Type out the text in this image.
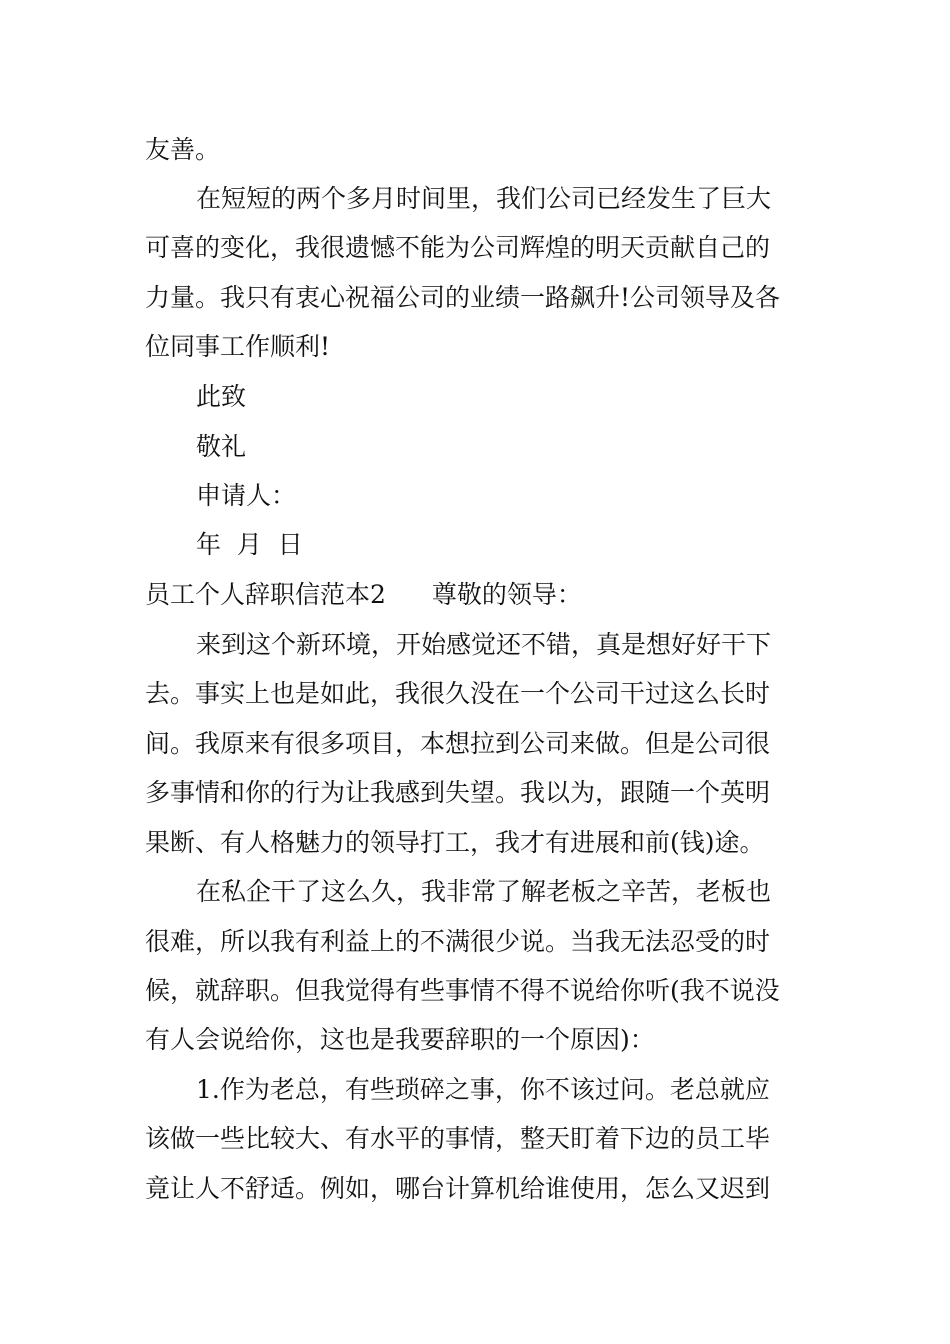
友善。
在短短的两个多月时间里，我们公司已经发生了巨大
可喜的变化，我很遗憾不能为公司辉煌的明天贡献自己的
力量。我只有衷心祝福公司的业绩一路飙升!公司领导及各
位同事工作顺利!
此致
敬礼
申请人：
年  月  日
员工个人辞职信范本2 尊敬的领导：
来到这个新环境，开始感觉还不错，真是想好好干下
去。事实上也是如此，我很久没在一个公司干过这么长时
间。我原来有很多项目，本想拉到公司来做。但是公司很
多事情和你的行为让我感到失望。我以为，跟随一个英明
果断、有人格魅力的领导打工，我才有进展和前(钱)途。
在私企干了这么久，我非常了解老板之辛苦，老板也
很难，所以我有利益上的不满很少说。当我无法忍受的时
候，就辞职。但我觉得有些事情不得不说给你听(我不说没
有人会说给你，这也是我要辞职的一个原因)：
1.作为老总，有些琐碎之事，你不该过问。老总就应
该做一些比较大、有水平的事情，整天盯着下边的员工毕
竟让人不舒适。例如，哪台计算机给谁使用，怎么又迟到
